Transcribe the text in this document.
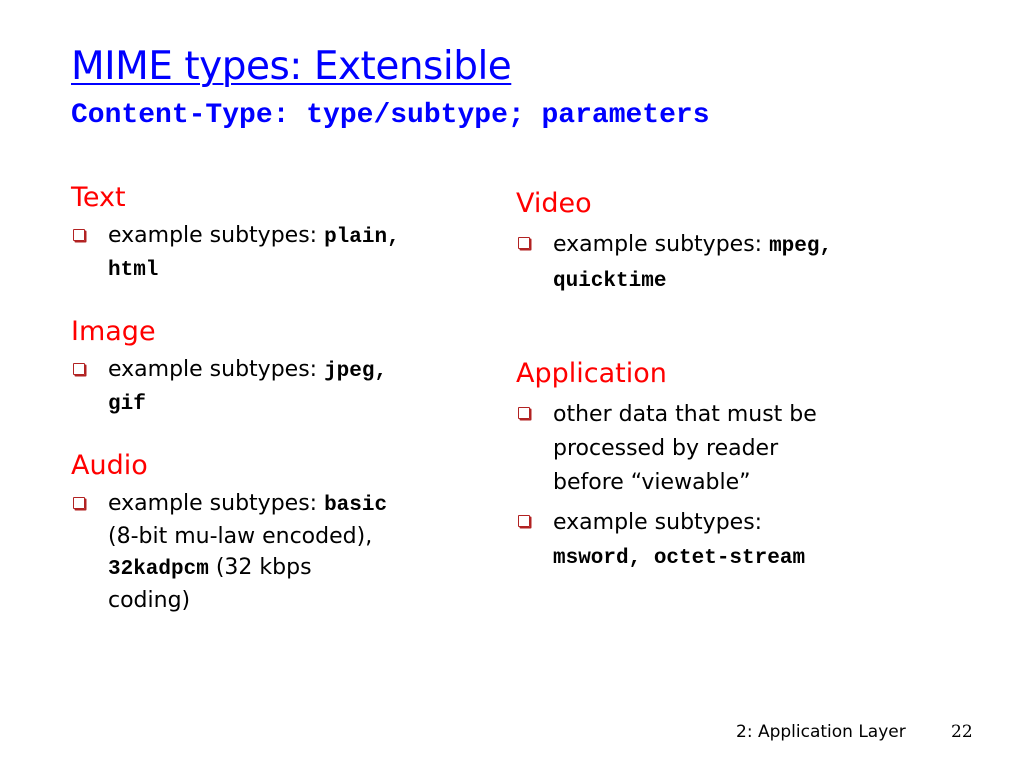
MIME types: Extensible
Content-Type: type/subtype; parameters
Text
example subtypes: plain,
html
Image
example subtypes: jpeg,
gif
Audio
example subtypes: basic
(8-bit mu-law encoded),
32kadpcm (32 kbps
coding)
Video
example subtypes: mpeg,
quicktime
Application
other data that must be processed by reader before “viewable”
example subtypes:
msword, octet-stream
2: Application Layer	22
